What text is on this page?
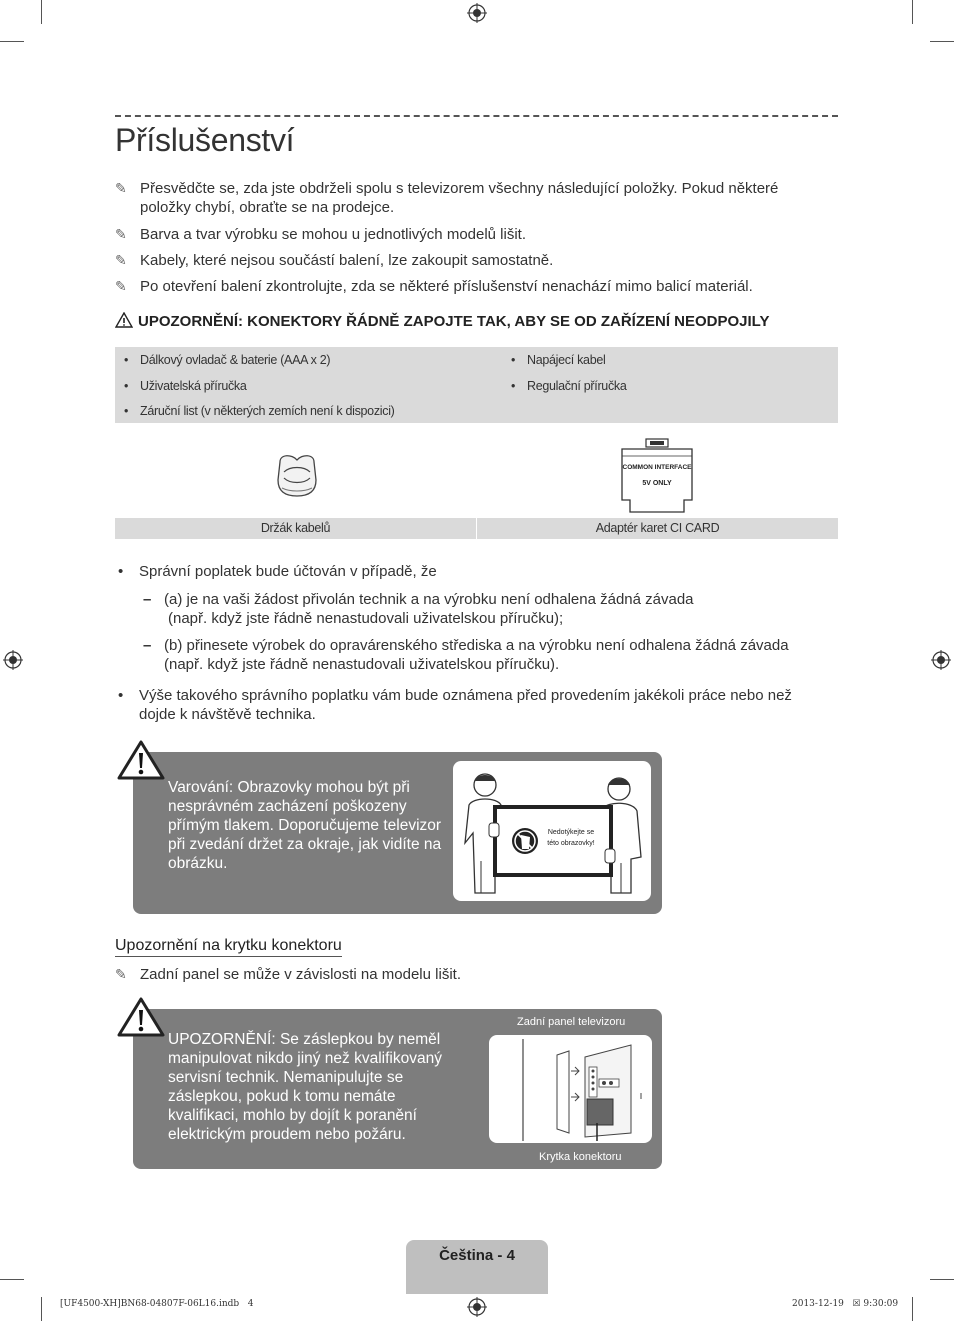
Příslušenství
✎ Přesvědčte se, zda jste obdrželi spolu s televizorem všechny následující položky. Pokud některé položky chybí, obraťte se na prodejce.
✎ Barva a tvar výrobku se mohou u jednotlivých modelů lišit.
✎ Kabely, které nejsou součástí balení, lze zakoupit samostatně.
✎ Po otevření balení zkontrolujte, zda se některé příslušenství nenachází mimo balicí materiál.
UPOZORNĚNÍ: KONEKTORY ŘÁDNĚ ZAPOJTE TAK, ABY SE OD ZAŘÍZENÍ NEODPOJILY
• Dálkový ovladač & baterie (AAA x 2)
• Uživatelská příručka
• Záruční list (v některých zemích není k dispozici)
• Napájecí kabel
• Regulační příručka
COMMON INTERFACE
5V ONLY
Držák kabelů	Adaptér karet CI CARD
• Správní poplatek bude účtován v případě, že
– (a) je na vaši žádost přivolán technik a na výrobku není odhalena žádná závada
(např. když jste řádně nenastudovali uživatelskou příručku);
– (b) přinesete výrobek do opravárenského střediska a na výrobku není odhalena žádná závada
(např. když jste řádně nenastudovali uživatelskou příručku).
• Výše takového správního poplatku vám bude oznámena před provedením jakékoli práce nebo než dojde k návštěvě technika.
Varování: Obrazovky mohou být při nesprávném zacházení poškozeny přímým tlakem. Doporučujeme televizor při zvedání držet za okraje, jak vidíte na obrázku.
Nedotýkejte se
této obrazovky!
Upozornění na krytku konektoru
✎ Zadní panel se může v závislosti na modelu lišit.
UPOZORNĚNÍ: Se záslepkou by neměl manipulovat nikdo jiný než kvalifikovaný servisní technik. Nemanipulujte se záslepkou, pokud k tomu nemáte kvalifikaci, mohlo by dojít k poranění elektrickým proudem nebo požáru.
Zadní panel televizoru
Krytka konektoru
Čeština - 4
[UF4500-XH]BN68-04807F-06L16.indb   4	2013-12-19   ☒ 9:30:09
